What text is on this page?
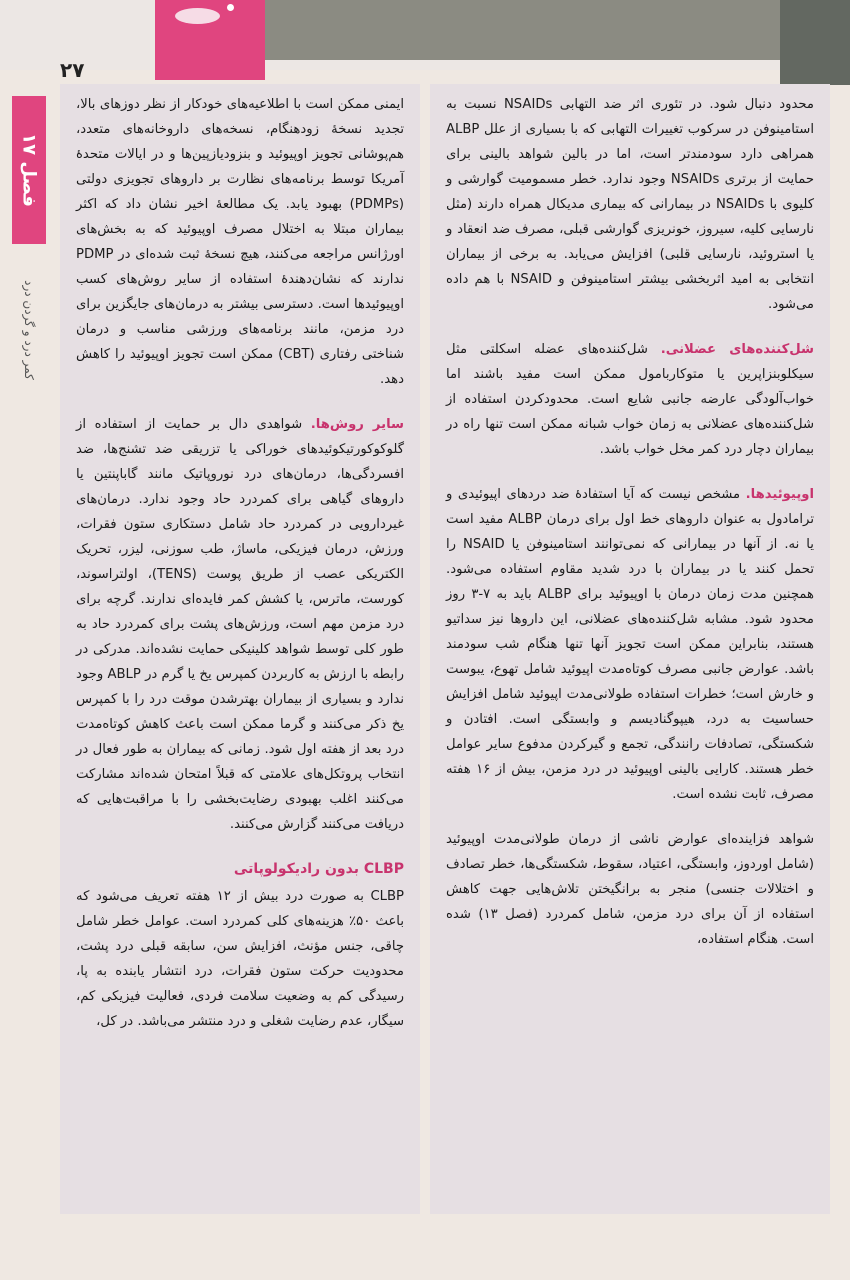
۲۷
فصل ۱۷
کمر درد و گردن درد

محدود دنبال شود. در تئوری اثر ضد التهابی NSAIDs نسبت به استامینوفن در سرکوب تغییرات التهابی که با بسیاری از علل ALBP همراهی دارد سودمندتر است، اما در بالین شواهد بالینی برای حمایت از برتری NSAIDs وجود ندارد. خطر مسمومیت گوارشی و کلیوی با NSAIDs در بیمارانی که بیماری مدیکال همراه دارند (مثل نارسایی کلیه، سیروز، خونریزی گوارشی قبلی، مصرف ضد انعقاد و یا استروئید، نارسایی قلبی) افزایش می‌یابد. به برخی از بیماران انتخابی به امید اثربخشی بیشتر استامینوفن و NSAID با هم داده می‌شود.

شل‌کننده‌های عضلانی. شل‌کننده‌های عضله اسکلتی مثل سیکلوبنزاپرین یا متوکاربامول ممکن است مفید باشند اما خواب‌آلودگی عارضه جانبی شایع است. محدودکردن استفاده از شل‌کننده‌های عضلانی به زمان خواب شبانه ممکن است تنها راه در بیماران دچار درد کمر مخل خواب باشد.

اوپیوئیدها. مشخص نیست که آیا استفادهٔ ضد دردهای اپیوئیدی و ترامادول به عنوان داروهای خط اول برای درمان ALBP مفید است یا نه. از آنها در بیمارانی که نمی‌توانند استامینوفن یا NSAID را تحمل کنند یا در بیماران با درد شدید مقاوم استفاده می‌شود. همچنین مدت زمان درمان با اوپیوئید برای ALBP باید به ۷-۳ روز محدود شود. مشابه شل‌کننده‌های عضلانی، این داروها نیز سداتیو هستند، بنابراین ممکن است تجویز آنها تنها هنگام شب سودمند باشد. عوارض جانبی مصرف کوتاه‌مدت اپیوئید شامل تهوع، یبوست و خارش است؛ خطرات استفاده طولانی‌مدت اپیوئید شامل افزایش حساسیت به درد، هیپوگنادیسم و وابستگی است. افتادن و شکستگی، تصادفات رانندگی، تجمع و گیرکردن مدفوع سایر عوامل خطر هستند. کارایی بالینی اوپیوئید در درد مزمن، بیش از ۱۶ هفته مصرف، ثابت نشده است.

شواهد فزاینده‌ای عوارض ناشی از درمان طولانی‌مدت اوپیوئید (شامل اوردوز، وابستگی، اعتیاد، سقوط، شکستگی‌ها، خطر تصادف و اختلالات جنسی) منجر به برانگیختن تلاش‌هایی جهت کاهش استفاده از آن برای درد مزمن، شامل کمردرد (فصل ۱۳) شده است. هنگام استفاده،

ایمنی ممکن است با اطلاعیه‌های خودکار از نظر دوزهای بالا، تجدید نسخهٔ زودهنگام، نسخه‌های داروخانه‌های متعدد، هم‌پوشانی تجویز اوپیوئید و بنزودیازپین‌ها و در ایالات متحدهٔ آمریکا توسط برنامه‌های نظارت بر داروهای تجویزی دولتی (PDMPs) بهبود یابد. یک مطالعهٔ اخیر نشان داد که اکثر بیماران مبتلا به اختلال مصرف اوپیوئید که به بخش‌های اورژانس مراجعه می‌کنند، هیچ نسخهٔ ثبت شده‌ای در PDMP ندارند که نشان‌دهندهٔ استفاده از سایر روش‌های کسب اوپیوئیدها است. دسترسی بیشتر به درمان‌های جایگزین برای درد مزمن، مانند برنامه‌های ورزشی مناسب و درمان شناختی رفتاری (CBT) ممکن است تجویز اوپیوئید را کاهش دهد.

سایر روش‌ها. شواهدی دال بر حمایت از استفاده از گلوکوکورتیکوئیدهای خوراکی یا تزریقی ضد تشنج‌ها، ضد افسردگی‌ها، درمان‌های درد نوروپاتیک مانند گاباپنتین یا داروهای گیاهی برای کمردرد حاد وجود ندارد. درمان‌های غیردارویی در کمردرد حاد شامل دستکاری ستون فقرات، ورزش، درمان فیزیکی، ماساژ، طب سوزنی، لیزر، تحریک الکتریکی عصب از طریق پوست (TENS)، اولتراسوند، کورست، ماترس، یا کشش کمر فایده‌ای ندارند. گرچه برای درد مزمن مهم است، ورزش‌های پشت برای کمردرد حاد به طور کلی توسط شواهد کلینیکی حمایت نشده‌اند. مدرکی در رابطه با ارزش به کاربردن کمپرس یخ یا گرم در ABLP وجود ندارد و بسیاری از بیماران بهترشدن موقت درد را با کمپرس یخ ذکر می‌کنند و گرما ممکن است باعث کاهش کوتاه‌مدت درد بعد از هفته اول شود. زمانی که بیماران به طور فعال در انتخاب پروتکل‌های علامتی که قبلاً امتحان شده‌اند مشارکت می‌کنند اغلب بهبودی رضایت‌بخشی را با مراقبت‌هایی که دریافت می‌کنند گزارش می‌کنند.

CLBP بدون رادیکولوپاتی

CLBP به صورت درد بیش از ۱۲ هفته تعریف می‌شود که باعث ۵۰٪ هزینه‌های کلی کمردرد است. عوامل خطر شامل چاقی، جنس مؤنث، افزایش سن، سابقه قبلی درد پشت، محدودیت حرکت ستون فقرات، درد انتشار یابنده به پا، رسیدگی کم به وضعیت سلامت فردی، فعالیت فیزیکی کم، سیگار، عدم رضایت شغلی و درد منتشر می‌باشد. در کل،
